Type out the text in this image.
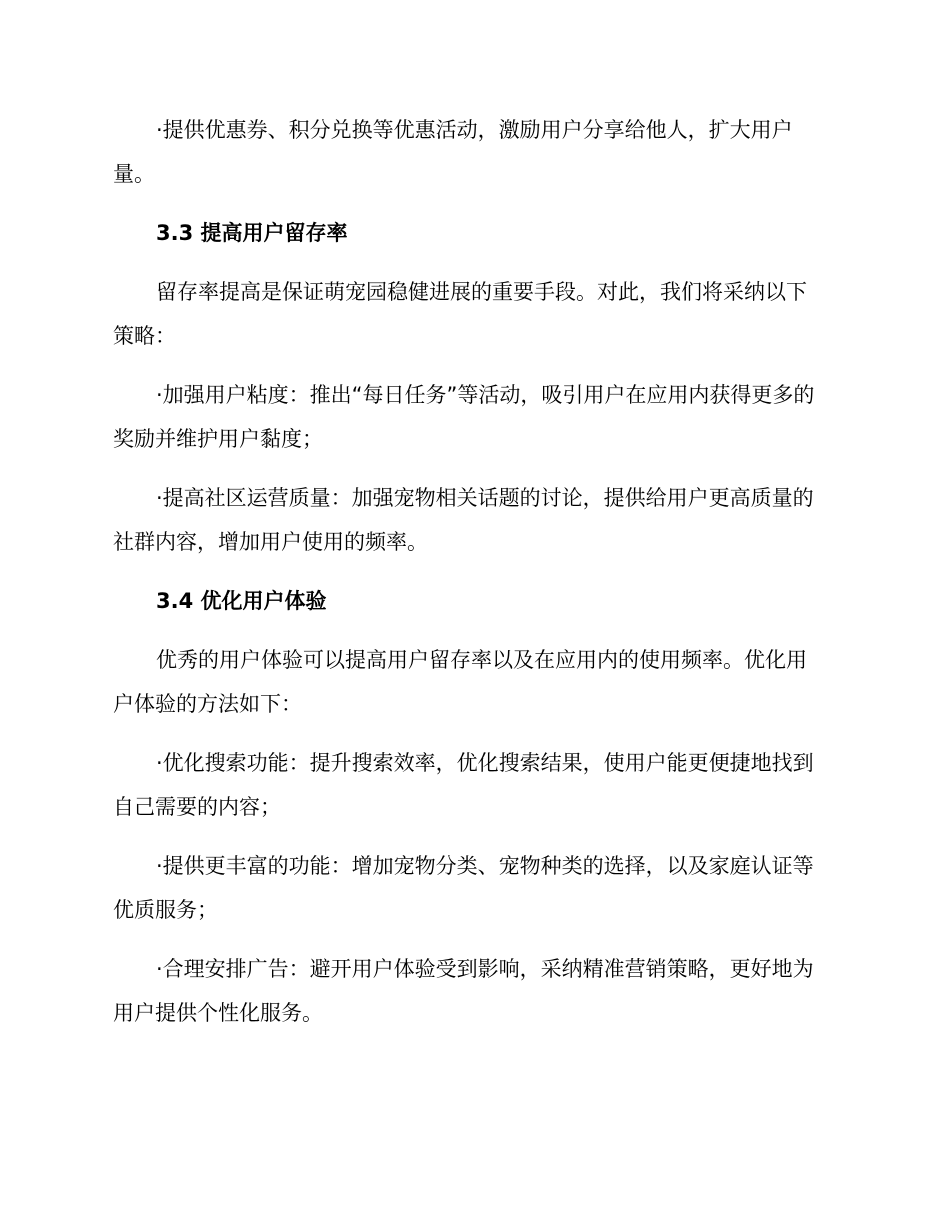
·提供优惠券、积分兑换等优惠活动，激励用户分享给他人，扩大用户量。

3.3 提高用户留存率

留存率提高是保证萌宠园稳健进展的重要手段。对此，我们将采纳以下策略：

·加强用户粘度：推出“每日任务”等活动，吸引用户在应用内获得更多的奖励并维护用户黏度；

·提高社区运营质量：加强宠物相关话题的讨论，提供给用户更高质量的社群内容，增加用户使用的频率。

3.4 优化用户体验

优秀的用户体验可以提高用户留存率以及在应用内的使用频率。优化用户体验的方法如下：

·优化搜索功能：提升搜索效率，优化搜索结果，使用户能更便捷地找到自己需要的内容；

·提供更丰富的功能：增加宠物分类、宠物种类的选择，以及家庭认证等优质服务；

·合理安排广告：避开用户体验受到影响，采纳精准营销策略，更好地为用户提供个性化服务。
